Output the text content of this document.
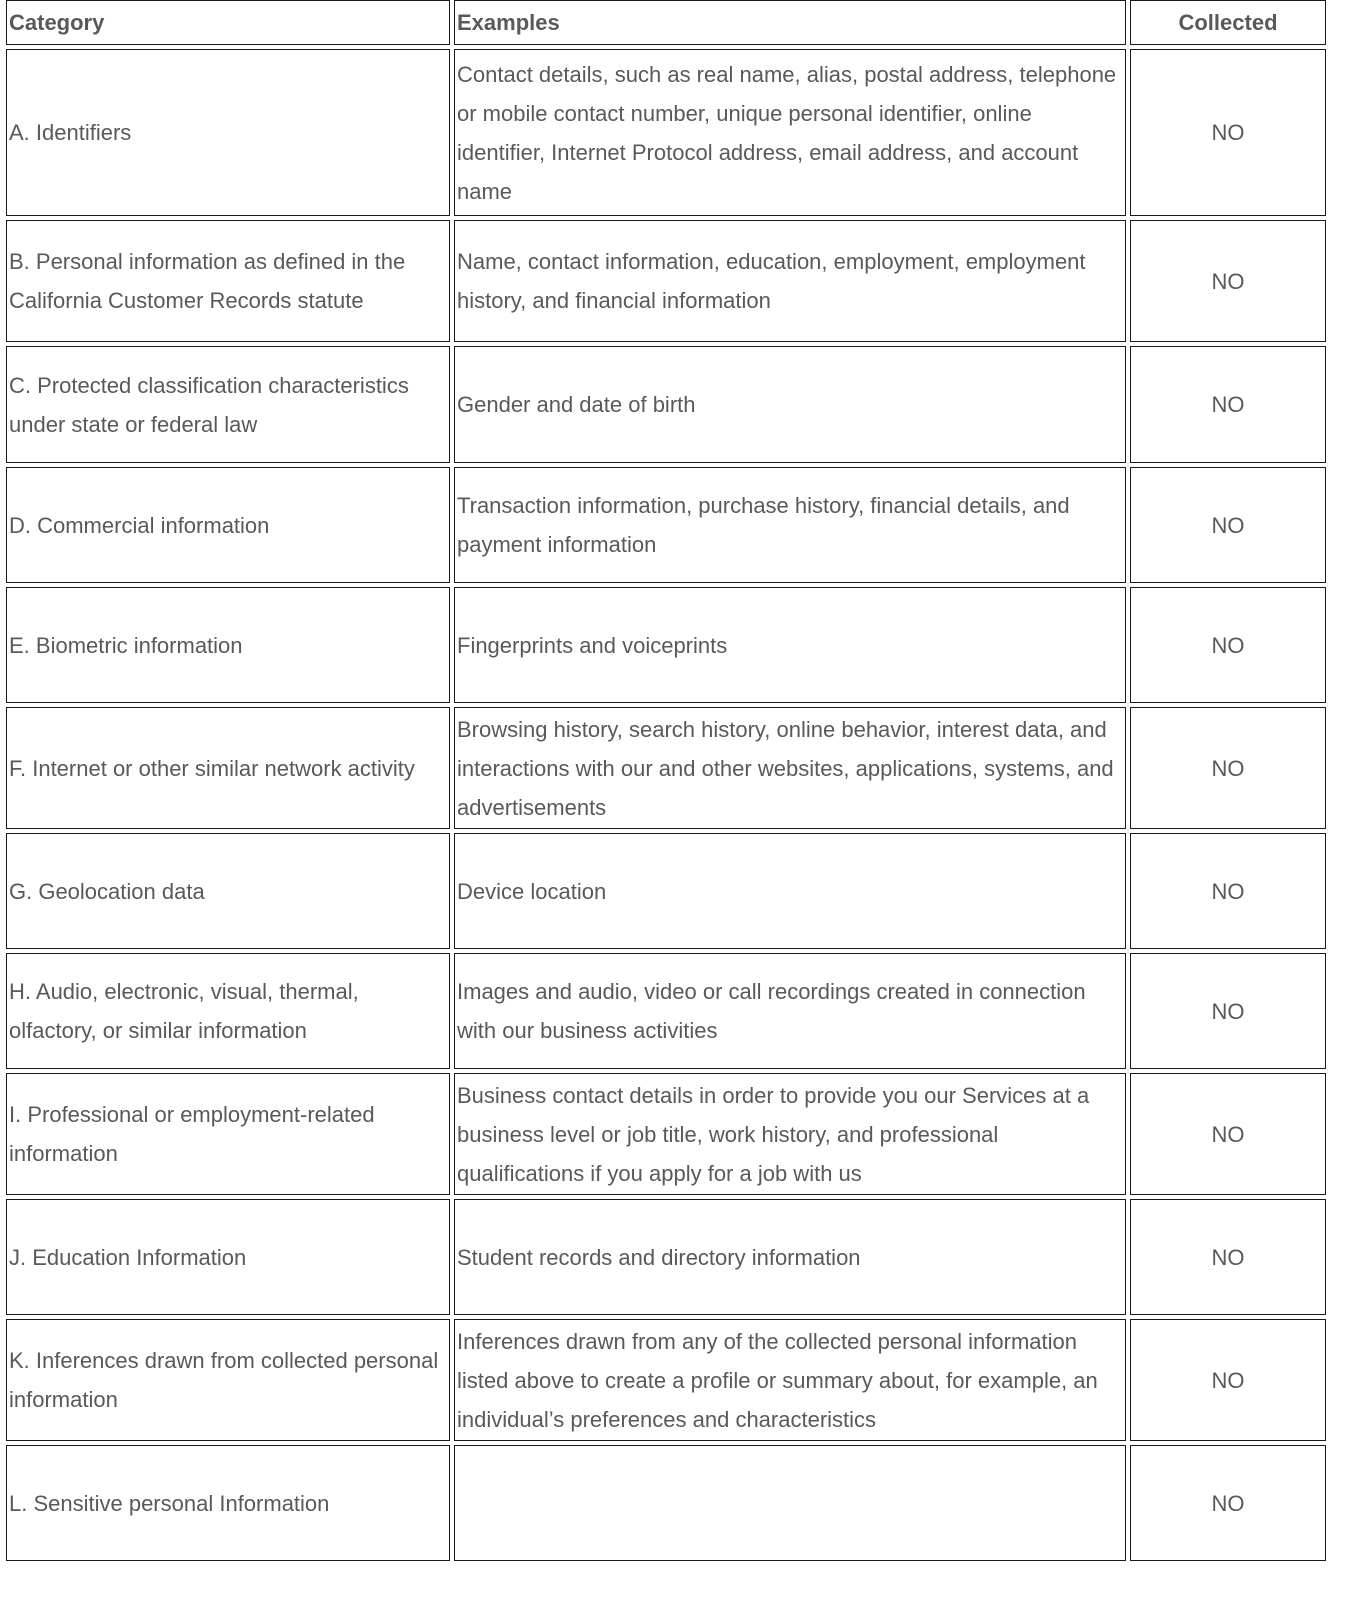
Category	Examples	Collected
A. Identifiers	Contact details, such as real name, alias, postal address, telephone or mobile contact number, unique personal identifier, online identifier, Internet Protocol address, email address, and account name	NO
B. Personal information as defined in the California Customer Records statute	Name, contact information, education, employment, employment history, and financial information	NO
C. Protected classification characteristics under state or federal law	Gender and date of birth	NO
D. Commercial information	Transaction information, purchase history, financial details, and payment information	NO
E. Biometric information	Fingerprints and voiceprints	NO
F. Internet or other similar network activity	Browsing history, search history, online behavior, interest data, and interactions with our and other websites, applications, systems, and advertisements	NO
G. Geolocation data	Device location	NO
H. Audio, electronic, visual, thermal, olfactory, or similar information	Images and audio, video or call recordings created in connection with our business activities	NO
I. Professional or employment-related information	Business contact details in order to provide you our Services at a business level or job title, work history, and professional qualifications if you apply for a job with us	NO
J. Education Information	Student records and directory information	NO
K. Inferences drawn from collected personal information	Inferences drawn from any of the collected personal information listed above to create a profile or summary about, for example, an individual’s preferences and characteristics	NO
L. Sensitive personal Information		NO
